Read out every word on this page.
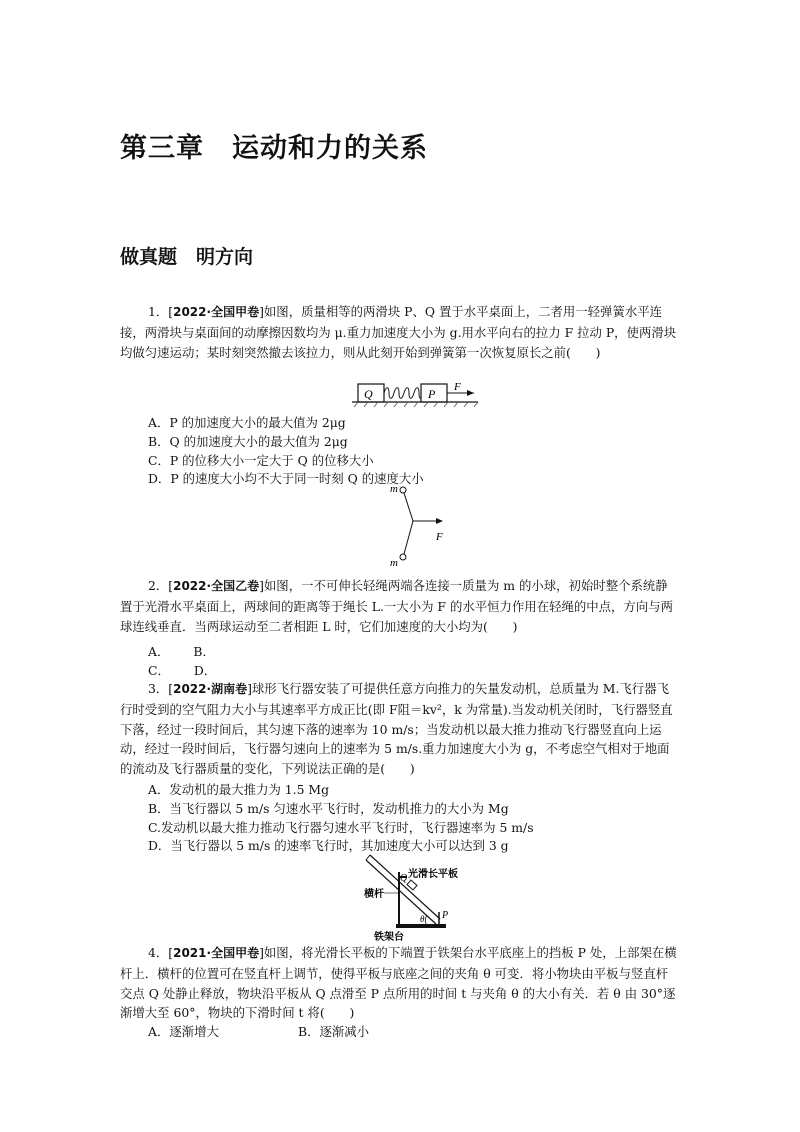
第三章　运动和力的关系
做真题　明方向
1．[2022·全国甲卷]如图，质量相等的两滑块 P、Q 置于水平桌面上，二者用一轻弹簧水平连接，两滑块与桌面间的动摩擦因数均为 μ.重力加速度大小为 g.用水平向右的拉力 F 拉动 P，使两滑块均做匀速运动；某时刻突然撤去该拉力，则从此刻开始到弹簧第一次恢复原长之前(　　)
Q	P F
A．P 的加速度大小的最大值为 2μg
B．Q 的加速度大小的最大值为 2μg
C．P 的位移大小一定大于 Q 的位移大小
D．P 的速度大小均不大于同一时刻 Q 的速度大小
m
m
F
2．[2022·全国乙卷]如图，一不可伸长轻绳两端各连接一质量为 m 的小球，初始时整个系统静置于光滑水平桌面上，两球间的距离等于绳长 L.一大小为 F 的水平恒力作用在轻绳的中点，方向与两球连线垂直．当两球运动至二者相距 L 时，它们加速度的大小均为(　　)
A． B．
C． D．
3．[2022·湖南卷]球形飞行器安装了可提供任意方向推力的矢量发动机，总质量为 M.飞行器飞行时受到的空气阻力大小与其速率平方成正比(即 F阻＝kv²，k 为常量).当发动机关闭时，飞行器竖直下落，经过一段时间后，其匀速下落的速率为 10 m/s；当发动机以最大推力推动飞行器竖直向上运动，经过一段时间后，飞行器匀速向上的速率为 5 m/s.重力加速度大小为 g，不考虑空气相对于地面的流动及飞行器质量的变化，下列说法正确的是(　　)
A．发动机的最大推力为 1.5 Mg
B．当飞行器以 5 m/s 匀速水平飞行时，发动机推力的大小为 Mg
C.发动机以最大推力推动飞行器匀速水平飞行时，飞行器速率为 5 m/s
D．当飞行器以 5 m/s 的速率飞行时，其加速度大小可以达到 3 g
θ
Q
P
光滑长平板
横杆
铁架台
4．[2021·全国甲卷]如图，将光滑长平板的下端置于铁架台水平底座上的挡板 P 处，上部架在横杆上．横杆的位置可在竖直杆上调节，使得平板与底座之间的夹角 θ 可变．将小物块由平板与竖直杆交点 Q 处静止释放，物块沿平板从 Q 点滑至 P 点所用的时间 t 与夹角 θ 的大小有关．若 θ 由 30°逐渐增大至 60°，物块的下滑时间 t 将(　　)
A．逐渐增大	B．逐渐减小
